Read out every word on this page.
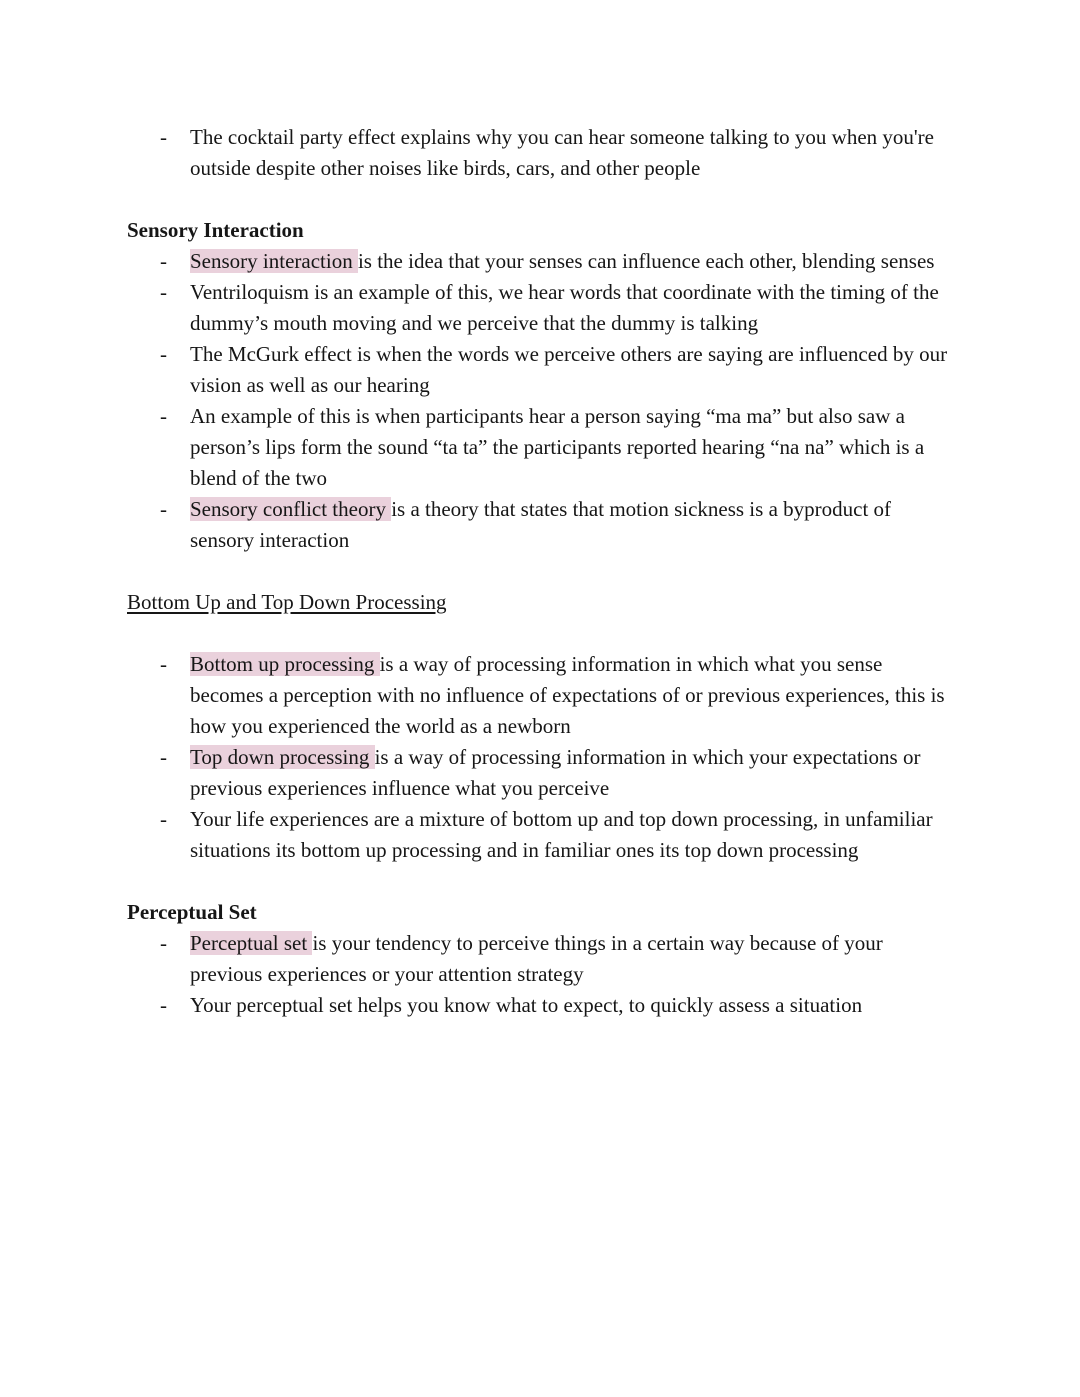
- The cocktail party effect explains why you can hear someone talking to you when you're outside despite other noises like birds, cars, and other people
Sensory Interaction
- Sensory interaction is the idea that your senses can influence each other, blending senses
- Ventriloquism is an example of this, we hear words that coordinate with the timing of the dummy’s mouth moving and we perceive that the dummy is talking
- The McGurk effect is when the words we perceive others are saying are influenced by our vision as well as our hearing
- An example of this is when participants hear a person saying “ma ma” but also saw a person’s lips form the sound “ta ta” the participants reported hearing “na na” which is a blend of the two
- Sensory conflict theory is a theory that states that motion sickness is a byproduct of sensory interaction
Bottom Up and Top Down Processing
- Bottom up processing is a way of processing information in which what you sense becomes a perception with no influence of expectations of or previous experiences, this is how you experienced the world as a newborn
- Top down processing is a way of processing information in which your expectations or previous experiences influence what you perceive
- Your life experiences are a mixture of bottom up and top down processing, in unfamiliar situations its bottom up processing and in familiar ones its top down processing
Perceptual Set
- Perceptual set is your tendency to perceive things in a certain way because of your previous experiences or your attention strategy
- Your perceptual set helps you know what to expect, to quickly assess a situation
